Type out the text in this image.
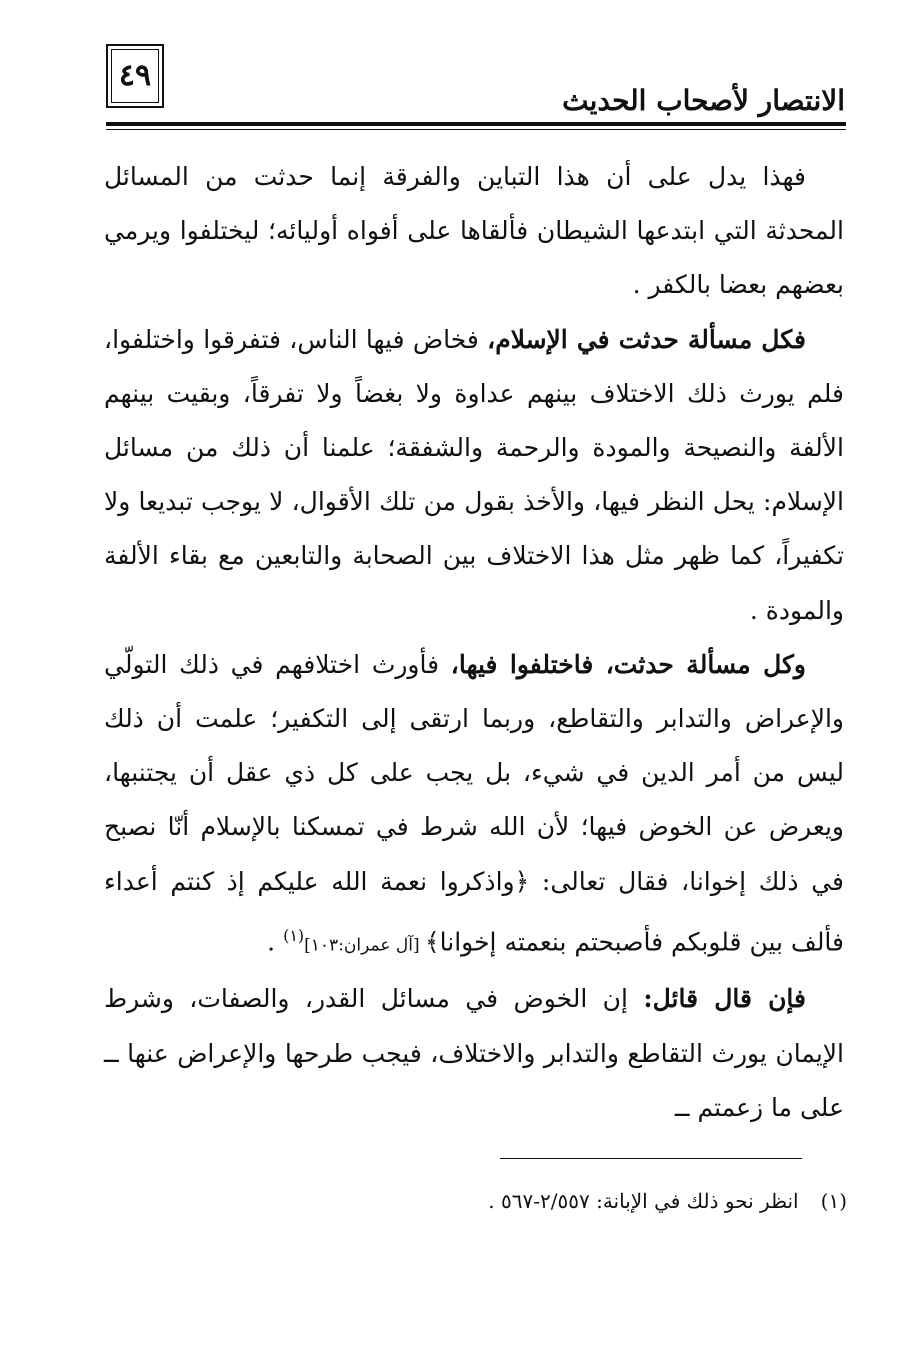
٤٩
الانتصار لأصحاب الحديث

فهذا يدل على أن هذا التباين والفرقة إنما حدثت من المسائل المحدثة التي ابتدعها الشيطان فألقاها على أفواه أوليائه؛ ليختلفوا ويرمي بعضهم بعضا بالكفر .

فكل مسألة حدثت في الإسلام، فخاض فيها الناس، فتفرقوا واختلفوا، فلم يورث ذلك الاختلاف بينهم عداوة ولا بغضاً ولا تفرقاً، وبقيت بينهم الألفة والنصيحة والمودة والرحمة والشفقة؛ علمنا أن ذلك من مسائل الإسلام: يحل النظر فيها، والأخذ بقول من تلك الأقوال، لا يوجب تبديعا ولا تكفيراً، كما ظهر مثل هذا الاختلاف بين الصحابة والتابعين مع بقاء الألفة والمودة .

وكل مسألة حدثت، فاختلفوا فيها، فأورث اختلافهم في ذلك التولّي والإعراض والتدابر والتقاطع، وربما ارتقى إلى التكفير؛ علمت أن ذلك ليس من أمر الدين في شيء، بل يجب على كل ذي عقل أن يجتنبها، ويعرض عن الخوض فيها؛ لأن الله شرط في تمسكنا بالإسلام أنّا نصبح في ذلك إخوانا، فقال تعالى: ﴿واذكروا نعمة الله عليكم إذ كنتم أعداء فألف بين قلوبكم فأصبحتم بنعمته إخوانا﴾ [آل عمران:١٠٣]$^{(١)}$ .

فإن قال قائل: إن الخوض في مسائل القدر، والصفات، وشرط الإيمان يورث التقاطع والتدابر والاختلاف، فيجب طرحها والإعراض عنها ــ على ما زعمتم ــ

(١)انظر نحو ذلك في الإبانة: ٢/٥٥٧-٥٦٧ .
